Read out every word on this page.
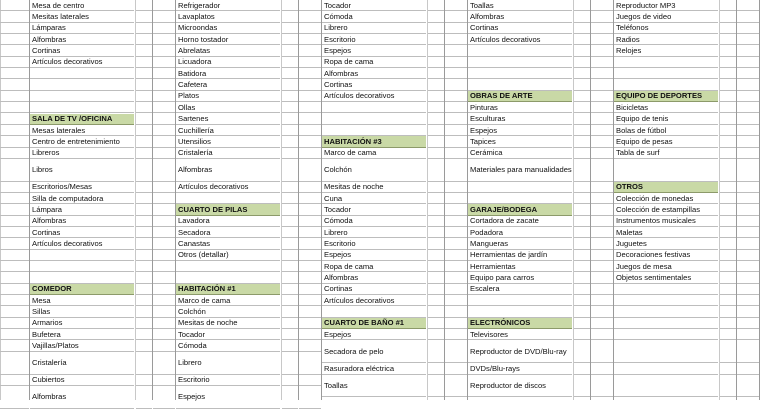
Mesa de centro
Mesitas laterales
Lámparas
Alfombras
Cortinas
Artículos decorativos
SALA DE TV /OFICINA
Mesas laterales
Centro de entretenimiento
Libreros
Libros
Escritorios/Mesas
Silla de computadora
Lámpara
Alfombras
Cortinas
Artículos decorativos
COMEDOR
Mesa
Sillas
Armarios
Bufetera
Vajillas/Platos
Cristalería
Cubiertos
Alfombras
Refrigerador
Lavaplatos
Microondas
Horno tostador
Abrelatas
Licuadora
Batidora
Cafetera
Platos
Ollas
Sartenes
Cuchillería
Utensilios
Cristalería
Alfombras
Artículos decorativos
CUARTO DE PILAS
Lavadora
Secadora
Canastas
Otros (detallar)
HABITACIÓN #1
Marco de cama
Colchón
Mesitas de noche
Tocador
Cómoda
Librero
Escritorio
Espejos
Tocador
Cómoda
Librero
Escritorio
Espejos
Ropa de cama
Alfombras
Cortinas
Artículos decorativos
HABITACIÓN #3
Marco de cama
Colchón
Mesitas de noche
Cuna
Tocador
Cómoda
Librero
Escritorio
Espejos
Ropa de cama
Alfombras
Cortinas
Artículos decorativos
CUARTO DE BAÑO #1
Espejos
Secadora de pelo
Rasuradora eléctrica
Toallas
Toallas
Alfombras
Cortinas
Artículos decorativos
OBRAS DE ARTE
Pinturas
Esculturas
Espejos
Tapices
Cerámica
Materiales para manualidades
GARAJE/BODEGA
Cortadora de zacate
Podadora
Mangueras
Herramientas de jardín
Herramientas
Equipo para carros
Escalera
ELECTRÓNICOS
Televisores
Reproductor de DVD/Blu-ray
DVDs/Blu-rays
Reproductor de discos
Reproductor MP3
Juegos de video
Teléfonos
Radios
Relojes
EQUIPO DE DEPORTES
Bicicletas
Equipo de tenis
Bolas de fútbol
Equipo de pesas
Tabla de surf
OTROS
Colección de monedas
Colección de estampillas
Instrumentos musicales
Maletas
Juguetes
Decoraciones festivas
Juegos de mesa
Objetos sentimentales
